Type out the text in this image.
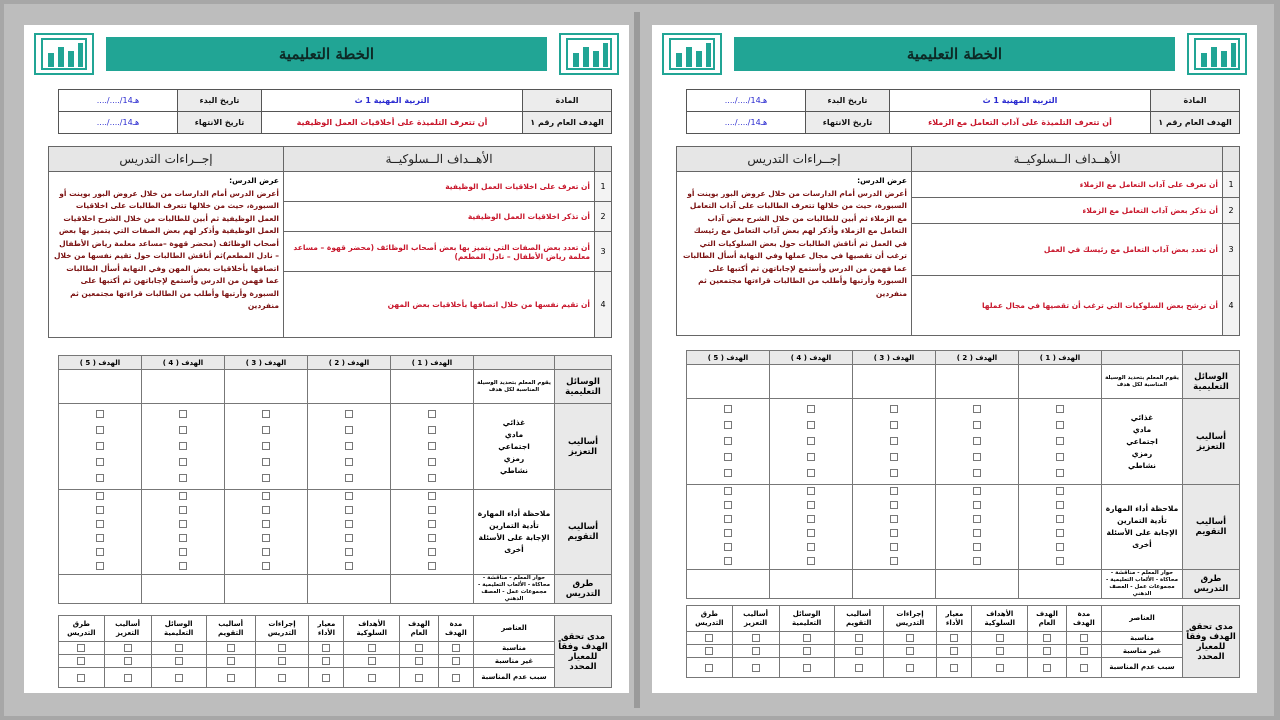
الخطة التعليمية
..../..../14هـ	تاريخ البدء	التربية المهنية 1 ث	المادة
..../..../14هـ	تاريخ الانتهاء	أن تتعرف التلميذة على أخلاقيات العمل الوظيفية	الهدف العام رقم ١
إجــراءات التدريس	الأهــداف الــسلوكيــة	

عرض الدرس:
أعرض الدرس أمام الدارسات من خلال عروض البور بوينت أو السبورة، حيث من خلالها تتعرف الطالبات على اخلاقيات العمل الوظيفية ثم أبين للطالبات من خلال الشرح اخلاقيات العمل الوظيفية وأذكر لهم بعض الصفات التي يتميز بها بعض أصحاب الوظائف (محضر قهوة –مساعد معلمة رياض الأطفال – نادل المطعم)ثم أناقش الطالبات حول تقيم نفسها من خلال اتصافها بأخلاقيات بعض المهن وفي النهاية أسأل الطالبات عما فهمن من الدرس وأستمع لإجاباتهن ثم أكتبها على السبورة وأرتبها وأطلب من الطالبات قراءتها مجتمعين ثم منفردين	أن تعرف على اخلاقيات العمل الوظيفية	1
	أن تذكر اخلاقيات العمل الوظيفية	2
	أن تعدد بعض الصفات التي يتميز بها بعض أصحاب الوظائف (محضر قهوة – مساعد معلمة رياض الأطفال – نادل المطعم)	3
	أن تقيم نفسها من خلال اتصافها بأخلاقيات بعض المهن	4
الهدف ( 5 )	الهدف ( 4 )	الهدف ( 3 )	الهدف ( 2 )	الهدف ( 1 )		
					يقوم المعلم بتحديد الوسيلة المناسبة لكل هدف	الوسائل التعليمية

					غذائي
مادي
اجتماعي
رمزي
نشاطي	أساليب التعزيز

					ملاحظة أداء المهارة
تأدية التمارين
الإجابة على الأسئلة
أخرى	أساليب التقويم
					حوار المعلم - مناقشة - محاكاة - الألعاب التعليمية - مجموعات عمل - العصف الذهني	طرق التدريس
طرق التدريس	أساليب التعزيز	الوسائل التعليمية	أساليب التقويم	إجراءات التدريس	معيار الأداء	الأهداف السلوكية	الهدف العام	مدة الهدف	العناصر	مدى تحقق الهدف وفقاً للمعيار المحدد

	مناسبة	

	غير مناسبة	

	سبب عدم المناسبة	
الخطة التعليمية
..../..../14هـ	تاريخ البدء	التربية المهنية 1 ث	المادة
..../..../14هـ	تاريخ الانتهاء	أن تتعرف التلميذة على آداب التعامل مع الزملاء	الهدف العام رقم ١
إجــراءات التدريس	الأهــداف الــسلوكيــة	

عرض الدرس:
أعرض الدرس أمام الدارسات من خلال عروض البور بوينت أو السبورة، حيث من خلالها تتعرف الطالبات على آداب التعامل مع الزملاء ثم أبين للطالبات من خلال الشرح بعض آداب التعامل مع الزملاء وأذكر لهم بعض آداب التعامل مع رئيسك في العمل ثم أناقش الطالبات حول بعض السلوكيات التي ترغب أن تقصيها في مجال عملها وفي النهاية أسأل الطالبات عما فهمن من الدرس وأستمع لإجاباتهن ثم أكتبها على السبورة وأرتبها وأطلب من الطالبات قراءتها مجتمعين ثم منفردين	أن تعرف على آداب التعامل مع الزملاء	1
	أن تذكر بعض آداب التعامل مع الزملاء	2
	أن تعدد بعض آداب التعامل مع رئيسك في العمل	3
	أن ترشح بعض السلوكيات التي ترغب أن تقصيها في مجال عملها	4
الهدف ( 5 )	الهدف ( 4 )	الهدف ( 3 )	الهدف ( 2 )	الهدف ( 1 )		
					يقوم المعلم بتحديد الوسيلة المناسبة لكل هدف	الوسائل التعليمية

					غذائي
مادي
اجتماعي
رمزي
نشاطي	أساليب التعزيز

					ملاحظة أداء المهارة
تأدية التمارين
الإجابة على الأسئلة
أخرى	أساليب التقويم
					حوار المعلم - مناقشة - محاكاة - الألعاب التعليمية - مجموعات عمل - العصف الذهني	طرق التدريس
طرق التدريس	أساليب التعزيز	الوسائل التعليمية	أساليب التقويم	إجراءات التدريس	معيار الأداء	الأهداف السلوكية	الهدف العام	مدة الهدف	العناصر	مدى تحقق الهدف وفقاً للمعيار المحدد

	مناسبة	

	غير مناسبة	

	سبب عدم المناسبة	
